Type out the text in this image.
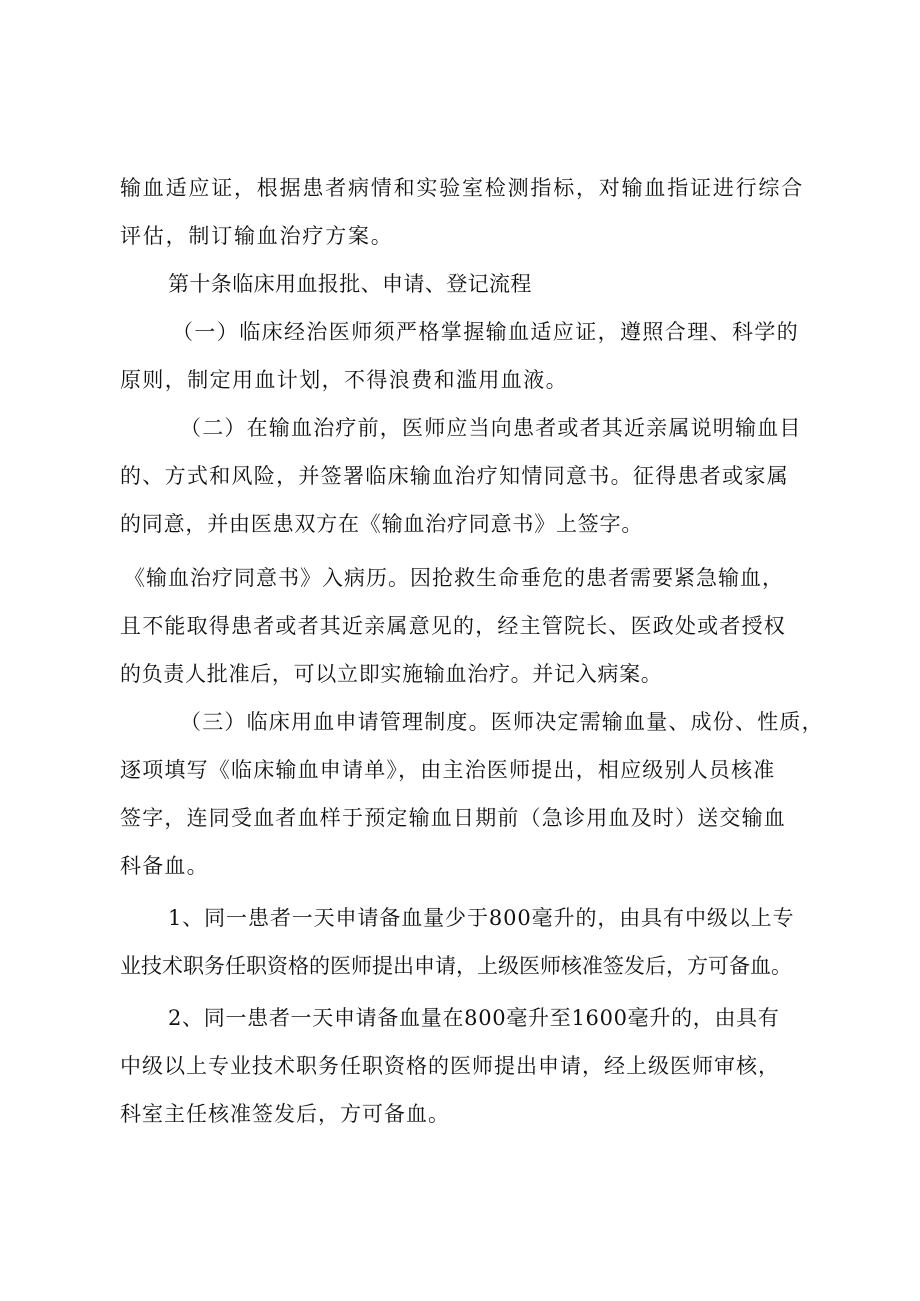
输血适应证，根据患者病情和实验室检测指标，对输血指证进行综合
评估，制订输血治疗方案。
第十条临床用血报批、申请、登记流程
（一）临床经治医师须严格掌握输血适应证，遵照合理、科学的
原则，制定用血计划，不得浪费和滥用血液。
（二）在输血治疗前，医师应当向患者或者其近亲属说明输血目
的、方式和风险，并签署临床输血治疗知情同意书。征得患者或家属
的同意，并由医患双方在《输血治疗同意书》上签字。
《输血治疗同意书》入病历。因抢救生命垂危的患者需要紧急输血，
且不能取得患者或者其近亲属意见的，经主管院长、医政处或者授权
的负责人批准后，可以立即实施输血治疗。并记入病案。
（三）临床用血申请管理制度。医师决定需输血量、成份、性质，
逐项填写《临床输血申请单》，由主治医师提出，相应级别人员核准
签字，连同受血者血样于预定输血日期前（急诊用血及时）送交输血
科备血。
1、同一患者一天申请备血量少于800毫升的，由具有中级以上专
业技术职务任职资格的医师提出申请，上级医师核准签发后，方可备血。
2、同一患者一天申请备血量在800毫升至1600毫升的，由具有
中级以上专业技术职务任职资格的医师提出申请，经上级医师审核，
科室主任核准签发后，方可备血。
